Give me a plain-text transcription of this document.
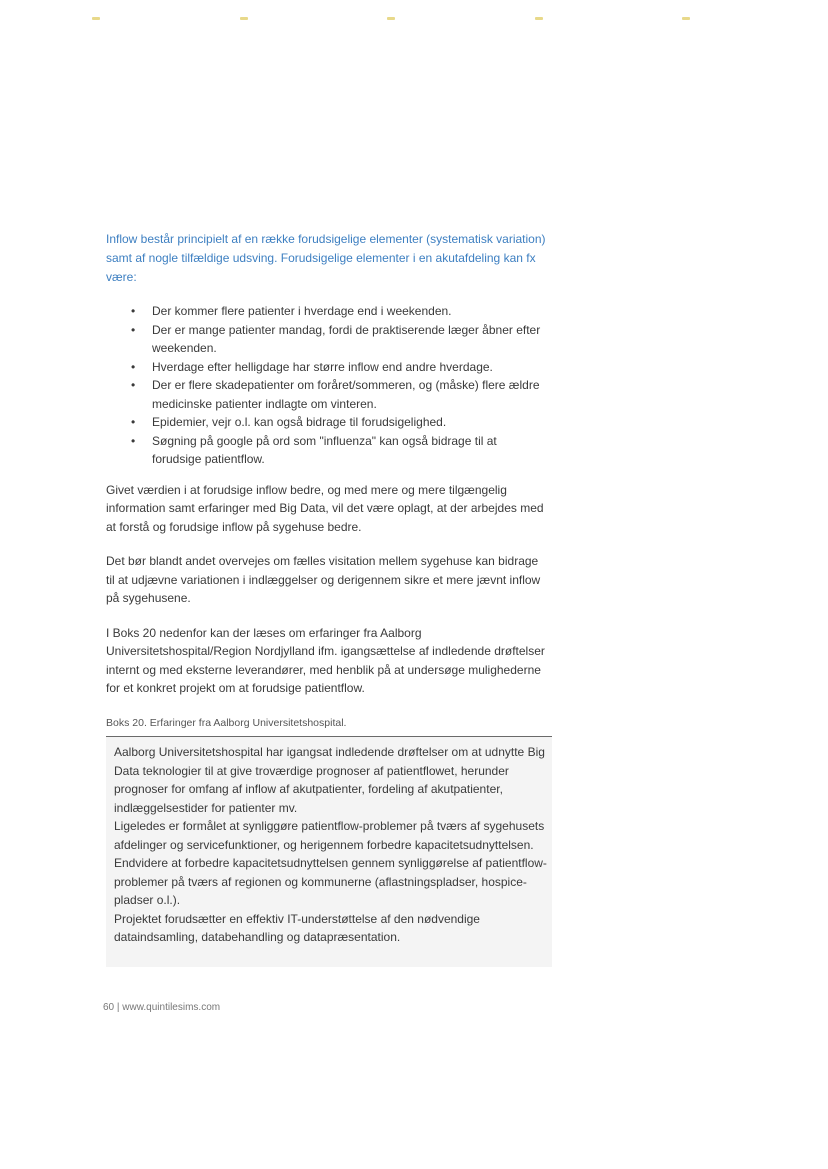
Inflow består principielt af en række forudsigelige elementer (systematisk variation) samt af nogle tilfældige udsving. Forudsigelige elementer i en akutafdeling kan fx være:

• Der kommer flere patienter i hverdage end i weekenden.
• Der er mange patienter mandag, fordi de praktiserende læger åbner efter weekenden.
• Hverdage efter helligdage har større inflow end andre hverdage.
• Der er flere skadepatienter om foråret/sommeren, og (måske) flere ældre medicinske patienter indlagte om vinteren.
• Epidemier, vejr o.l. kan også bidrage til forudsigelighed.
• Søgning på google på ord som "influenza" kan også bidrage til at forudsige patientflow.

Givet værdien i at forudsige inflow bedre, og med mere og mere tilgængelig information samt erfaringer med Big Data, vil det være oplagt, at der arbejdes med at forstå og forudsige inflow på sygehuse bedre.

Det bør blandt andet overvejes om fælles visitation mellem sygehuse kan bidrage til at udjævne variationen i indlæggelser og derigennem sikre et mere jævnt inflow på sygehusene.

I Boks 20 nedenfor kan der læses om erfaringer fra Aalborg Universitetshospital/Region Nordjylland ifm. igangsættelse af indledende drøftelser internt og med eksterne leverandører, med henblik på at undersøge mulighederne for et konkret projekt om at forudsige patientflow.

Boks 20. Erfaringer fra Aalborg Universitetshospital.

Aalborg Universitetshospital har igangsat indledende drøftelser om at udnytte Big Data teknologier til at give troværdige prognoser af patientflowet, herunder prognoser for omfang af inflow af akutpatienter, fordeling af akutpatienter, indlæggelsestider for patienter mv.

Ligeledes er formålet at synliggøre patientflow-problemer på tværs af sygehusets afdelinger og servicefunktioner, og herigennem forbedre kapacitetsudnyttelsen. Endvidere at forbedre kapacitetsudnyttelsen gennem synliggørelse af patientflow-problemer på tværs af regionen og kommunerne (aflastningspladser, hospice-pladser o.l.).

Projektet forudsætter en effektiv IT-understøttelse af den nødvendige dataindsamling, databehandling og datapræsentation.

60 | www.quintilesims.com
